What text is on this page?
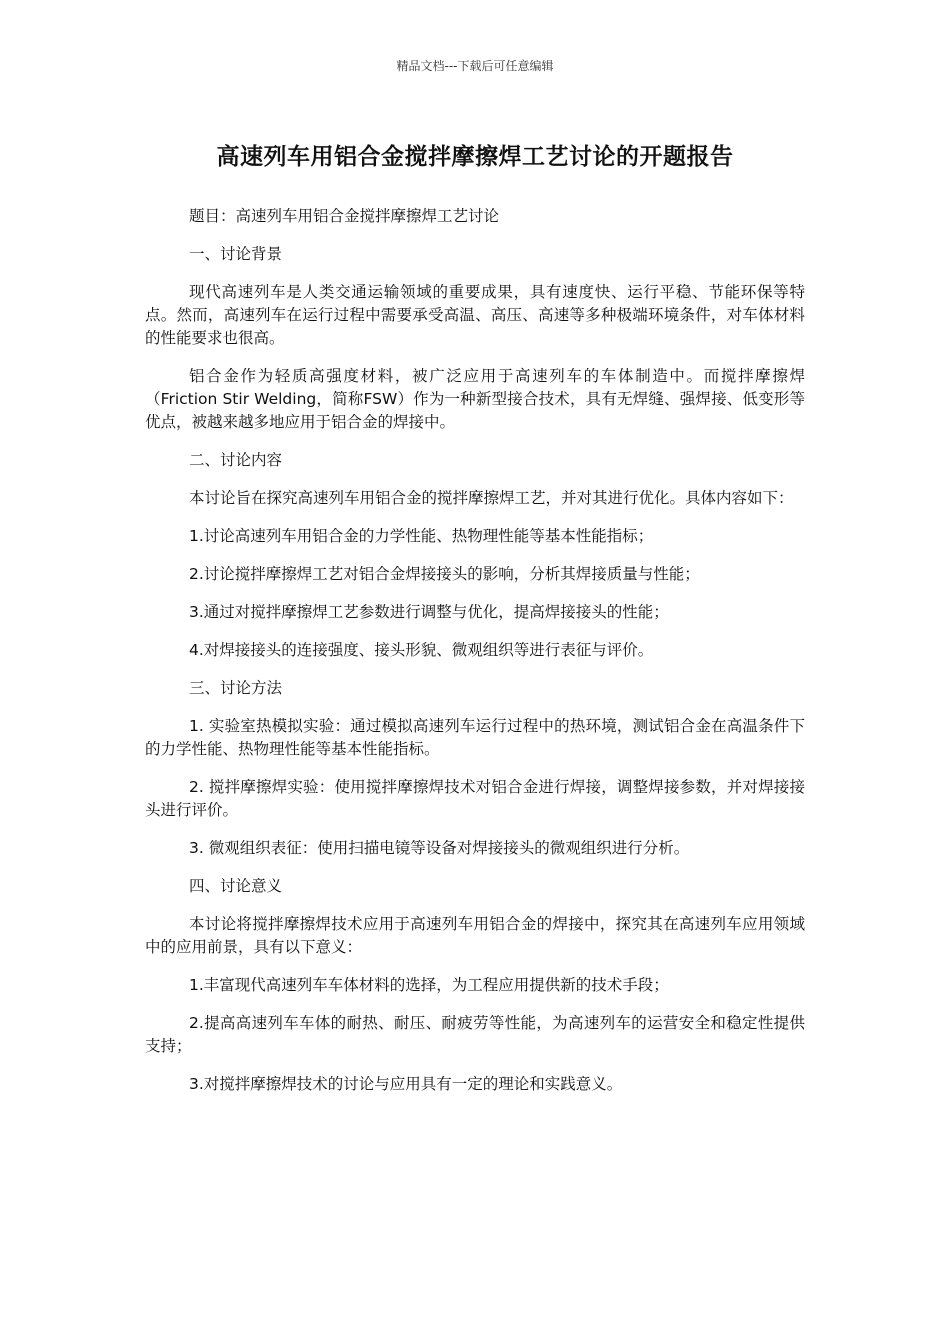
精品文档---下载后可任意编辑
高速列车用铝合金搅拌摩擦焊工艺讨论的开题报告

题目：高速列车用铝合金搅拌摩擦焊工艺讨论

一、讨论背景

现代高速列车是人类交通运输领域的重要成果，具有速度快、运行平稳、节能环保等特点。然而，高速列车在运行过程中需要承受高温、高压、高速等多种极端环境条件，对车体材料的性能要求也很高。

铝合金作为轻质高强度材料，被广泛应用于高速列车的车体制造中。而搅拌摩擦焊（Friction Stir Welding，简称FSW）作为一种新型接合技术，具有无焊缝、强焊接、低变形等优点，被越来越多地应用于铝合金的焊接中。

二、讨论内容

本讨论旨在探究高速列车用铝合金的搅拌摩擦焊工艺，并对其进行优化。具体内容如下：

1.讨论高速列车用铝合金的力学性能、热物理性能等基本性能指标；

2.讨论搅拌摩擦焊工艺对铝合金焊接接头的影响，分析其焊接质量与性能；

3.通过对搅拌摩擦焊工艺参数进行调整与优化，提高焊接接头的性能；

4.对焊接接头的连接强度、接头形貌、微观组织等进行表征与评价。

三、讨论方法

1. 实验室热模拟实验：通过模拟高速列车运行过程中的热环境，测试铝合金在高温条件下的力学性能、热物理性能等基本性能指标。

2. 搅拌摩擦焊实验：使用搅拌摩擦焊技术对铝合金进行焊接，调整焊接参数，并对焊接接头进行评价。

3. 微观组织表征：使用扫描电镜等设备对焊接接头的微观组织进行分析。

四、讨论意义

本讨论将搅拌摩擦焊技术应用于高速列车用铝合金的焊接中，探究其在高速列车应用领域中的应用前景，具有以下意义：

1.丰富现代高速列车车体材料的选择，为工程应用提供新的技术手段；

2.提高高速列车车体的耐热、耐压、耐疲劳等性能，为高速列车的运营安全和稳定性提供支持；

3.对搅拌摩擦焊技术的讨论与应用具有一定的理论和实践意义。
